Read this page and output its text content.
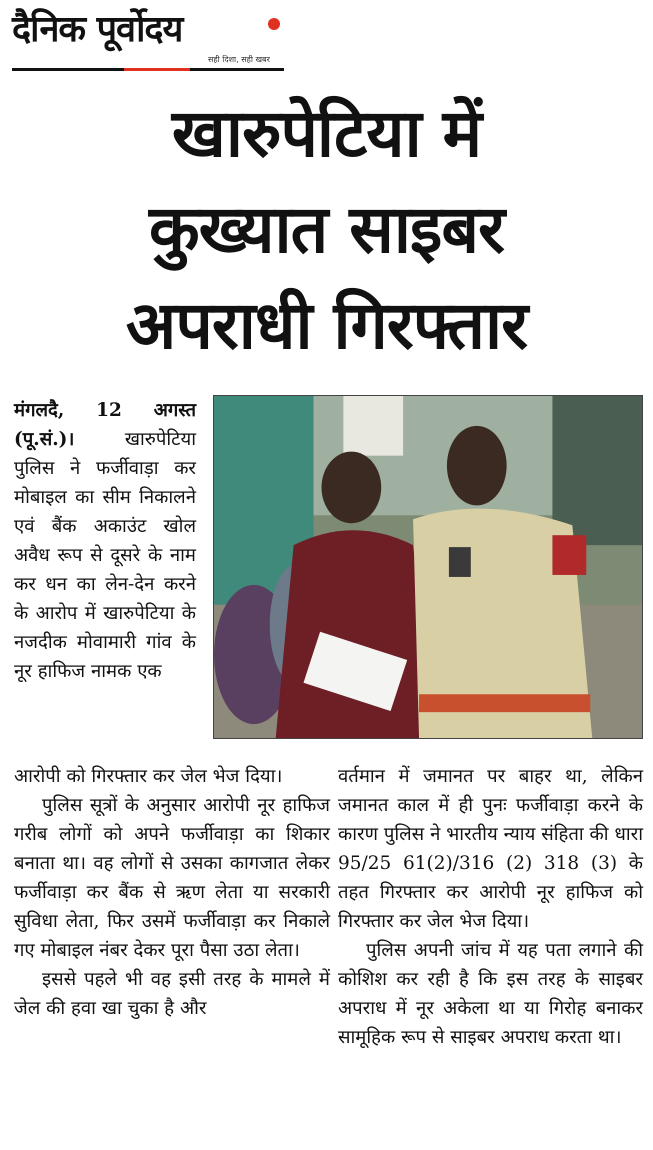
दैनिक पूर्वोदय
सही दिशा, सही खबर
खारुपेटिया में
कुख्यात साइबर
अपराधी गिरफ्तार

मंगलदै, 12 अगस्त (पू.सं.)।	खारुपेटिया पुलिस ने फर्जीवाड़ा कर मोबाइल का सीम निकालने एवं बैंक अकाउंट खोल अवैध रूप से दूसरे के नाम कर धन का लेन-देन करने के आरोप में खारुपेटिया के नजदीक मोवामारी गांव के नूर हाफिज नामक एक

आरोपी को गिरफ्तार कर जेल भेज दिया।

पुलिस सूत्रों के अनुसार आरोपी नूर हाफिज गरीब लोगों को अपने फर्जीवाड़ा का शिकार बनाता था। वह लोगों से उसका कागजात लेकर फर्जीवाड़ा कर बैंक से ऋण लेता या सरकारी सुविधा लेता, फिर उसमें फर्जीवाड़ा कर निकाले गए मोबाइल नंबर देकर पूरा पैसा उठा लेता।

इससे पहले भी वह इसी तरह के मामले में जेल की हवा खा चुका है और

वर्तमान में जमानत पर बाहर था, लेकिन जमानत काल में ही पुनः फर्जीवाड़ा करने के कारण पुलिस ने भारतीय न्याय संहिता की धारा 95/25 61(2)/316 (2) 318 (3) के तहत गिरफ्तार कर आरोपी नूर हाफिज को गिरफ्तार कर जेल भेज दिया।

पुलिस अपनी जांच में यह पता लगाने की कोशिश कर रही है कि इस तरह के साइबर अपराध में नूर अकेला था या गिरोह बनाकर सामूहिक रूप से साइबर अपराध करता था।
